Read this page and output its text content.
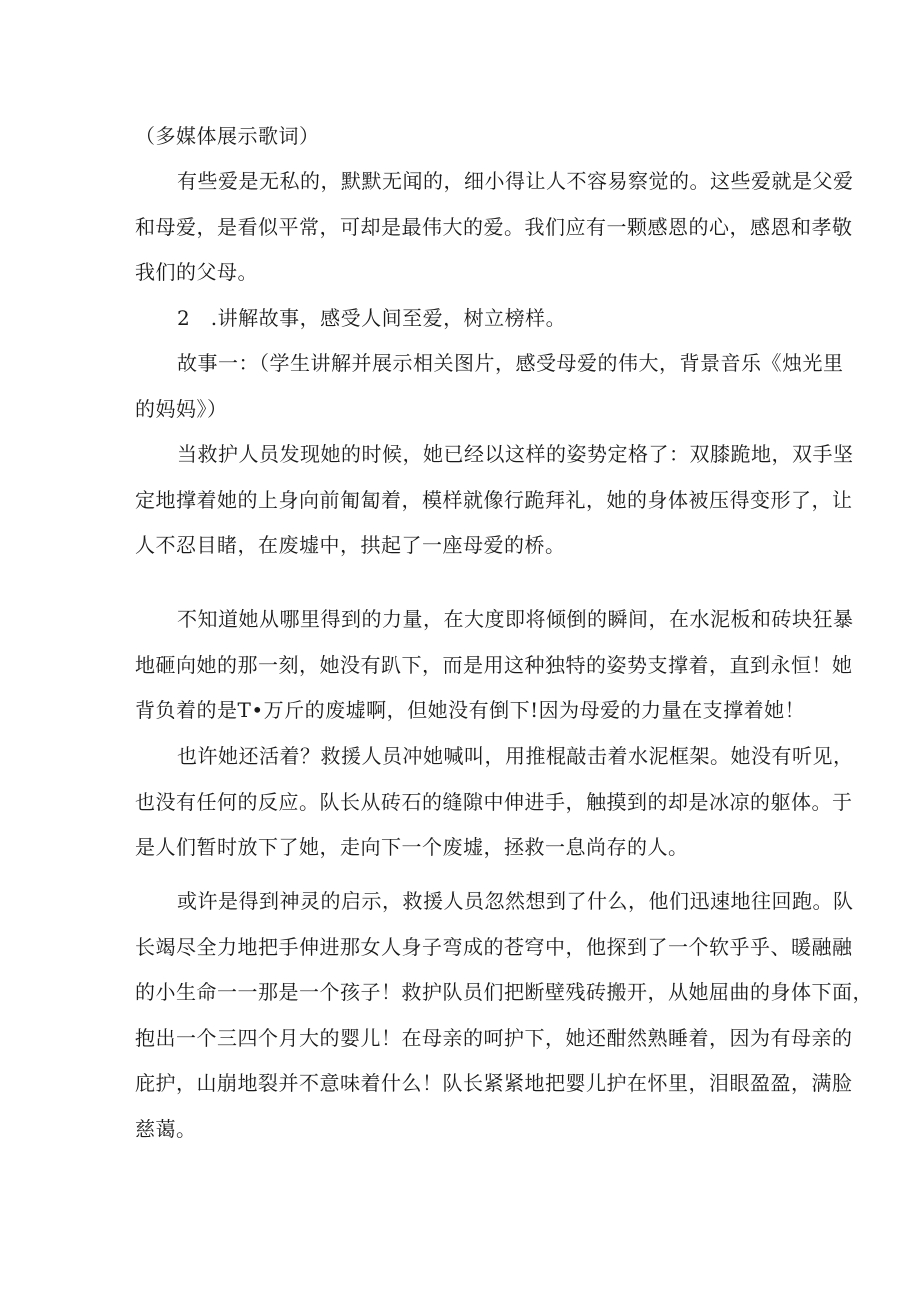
（多媒体展示歌词）
有些爱是无私的，默默无闻的，细小得让人不容易察觉的。这些爱就是父爱
和母爱，是看似平常，可却是最伟大的爱。我们应有一颗感恩的心，感恩和孝敬
我们的父母。
2　.讲解故事，感受人间至爱，树立榜样。
故事一：（学生讲解并展示相关图片，感受母爱的伟大，背景音乐《烛光里
的妈妈》）
当救护人员发现她的时候，她已经以这样的姿势定格了：双膝跪地，双手坚
定地撑着她的上身向前匍匐着，模样就像行跪拜礼，她的身体被压得变形了，让
人不忍目睹，在废墟中，拱起了一座母爱的桥。
不知道她从哪里得到的力量，在大度即将倾倒的瞬间，在水泥板和砖块狂暴
地砸向她的那一刻，她没有趴下，而是用这种独特的姿势支撑着，直到永恒！她
背负着的是T•万斤的废墟啊，但她没有倒下!因为母爱的力量在支撑着她！
也许她还活着？救援人员冲她喊叫，用推棍敲击着水泥框架。她没有听见，
也没有任何的反应。队长从砖石的缝隙中伸进手，触摸到的却是冰凉的躯体。于
是人们暂时放下了她，走向下一个废墟，拯救一息尚存的人。
或许是得到神灵的启示，救援人员忽然想到了什么，他们迅速地往回跑。队
长竭尽全力地把手伸进那女人身子弯成的苍穹中，他探到了一个软乎乎、暖融融
的小生命一一那是一个孩子！救护队员们把断壁残砖搬开，从她屈曲的身体下面，
抱出一个三四个月大的婴儿！在母亲的呵护下，她还酣然熟睡着，因为有母亲的
庇护，山崩地裂并不意味着什么！队长紧紧地把婴儿护在怀里，泪眼盈盈，满脸
慈蔼。
